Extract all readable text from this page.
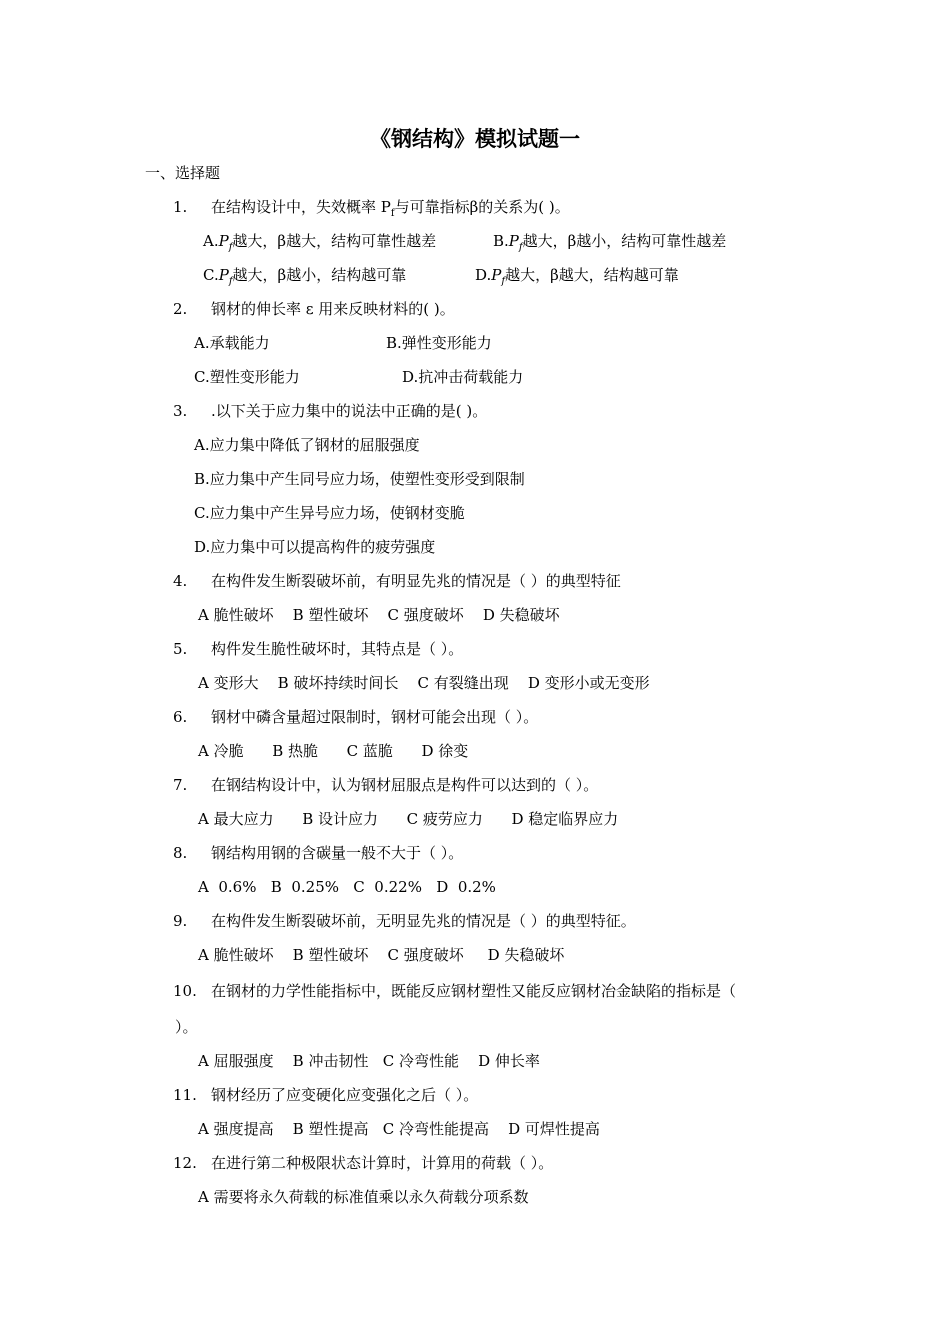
《钢结构》模拟试题一
一、选择题
1. 在结构设计中，失效概率 $P_f$与可靠指标β的关系为( )。
$A.P_f$越大，β越大，结构可靠性越差	$B.P_f$越大，β越小，结构可靠性越差
$C.P_f$越大，β越小，结构越可靠	$D.P_f$越大，β越大，结构越可靠
2. 钢材的伸长率 ε 用来反映材料的( )。
A.承载能力	B.弹性变形能力
C.塑性变形能力	D.抗冲击荷载能力
3. .以下关于应力集中的说法中正确的是( )。
A.应力集中降低了钢材的屈服强度
B.应力集中产生同号应力场，使塑性变形受到限制
C.应力集中产生异号应力场，使钢材变脆
D.应力集中可以提高构件的疲劳强度
4. 在构件发生断裂破坏前，有明显先兆的情况是（ ）的典型特征
A 脆性破坏    B 塑性破坏    C 强度破坏    D 失稳破坏
5. 构件发生脆性破坏时，其特点是（ ）。
A 变形大    B 破坏持续时间长    C 有裂缝出现    D 变形小或无变形
6. 钢材中磷含量超过限制时，钢材可能会出现（ ）。
A 冷脆      B 热脆      C 蓝脆      D 徐变
7. 在钢结构设计中，认为钢材屈服点是构件可以达到的（ ）。
A 最大应力      B 设计应力      C 疲劳应力      D 稳定临界应力
8. 钢结构用钢的含碳量一般不大于（ ）。
A  0.6%   B  0.25%   C  0.22%   D  0.2%
9. 在构件发生断裂破坏前，无明显先兆的情况是（ ）的典型特征。
A 脆性破坏    B 塑性破坏    C 强度破坏     D 失稳破坏
10. 在钢材的力学性能指标中，既能反应钢材塑性又能反应钢材冶金缺陷的指标是（
）。
A 屈服强度    B 冲击韧性   C 冷弯性能    D 伸长率
11. 钢材经历了应变硬化应变强化之后（ ）。
A 强度提高    B 塑性提高   C 冷弯性能提高    D 可焊性提高
12. 在进行第二种极限状态计算时，计算用的荷载（ ）。
A 需要将永久荷载的标准值乘以永久荷载分项系数
